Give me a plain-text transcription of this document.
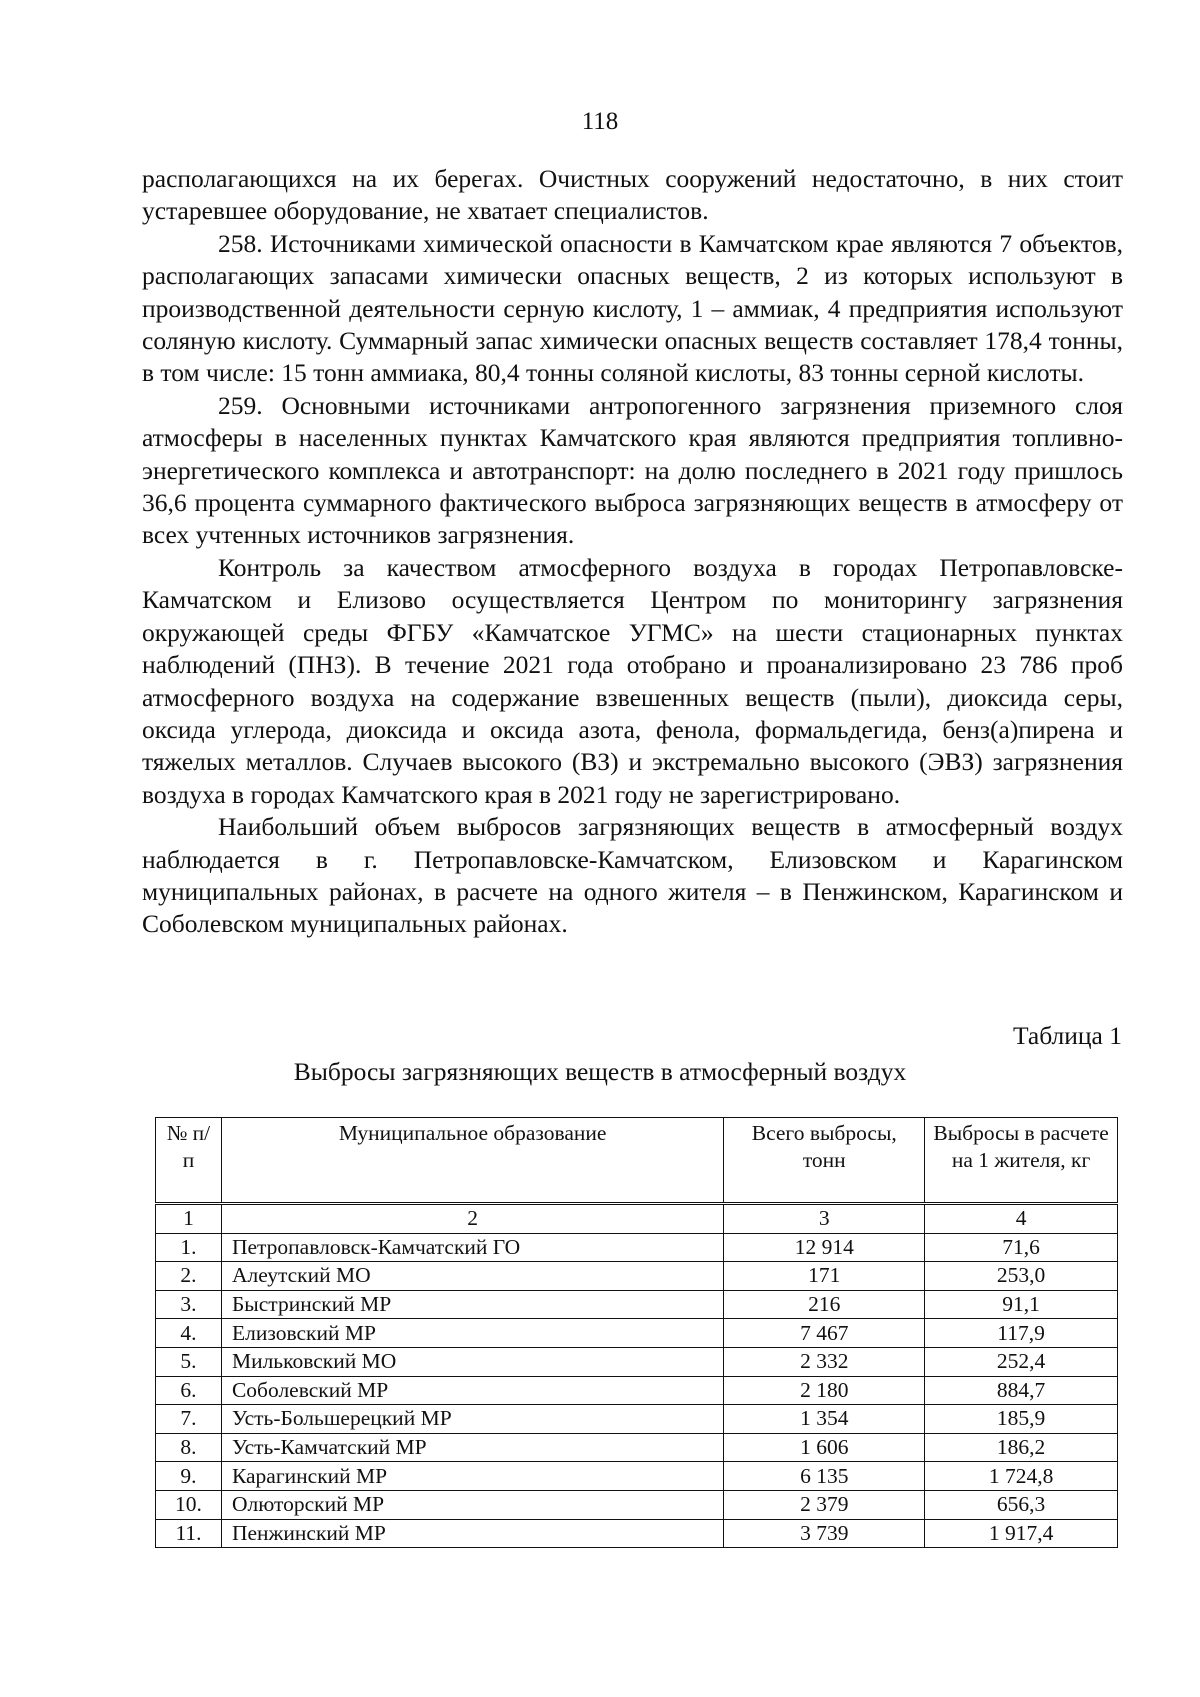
118

располагающихся на их берегах. Очистных сооружений недостаточно, в них стоит устаревшее оборудование, не хватает специалистов.

258. Источниками химической опасности в Камчатском крае являются 7 объектов, располагающих запасами химически опасных веществ, 2 из которых используют в производственной деятельности серную кислоту, 1 – аммиак, 4 предприятия используют соляную кислоту. Суммарный запас химически опасных веществ составляет 178,4 тонны, в том числе: 15 тонн аммиака, 80,4 тонны соляной кислоты, 83 тонны серной кислоты.

259. Основными источниками антропогенного загрязнения приземного слоя атмосферы в населенных пунктах Камчатского края являются предприятия топливно-энергетического комплекса и автотранспорт: на долю последнего в 2021 году пришлось 36,6 процента суммарного фактического выброса загрязняющих веществ в атмосферу от всех учтенных источников загрязнения.

Контроль за качеством атмосферного воздуха в городах Петропавловске-Камчатском и Елизово осуществляется Центром по мониторингу загрязнения окружающей среды ФГБУ «Камчатское УГМС» на шести стационарных пунктах наблюдений (ПНЗ). В течение 2021 года отобрано и проанализировано 23 786 проб атмосферного воздуха на содержание взвешенных веществ (пыли), диоксида серы, оксида углерода, диоксида и оксида азота, фенола, формальдегида, бенз(а)пирена и тяжелых металлов. Случаев высокого (ВЗ) и экстремально высокого (ЭВЗ) загрязнения воздуха в городах Камчатского края в 2021 году не зарегистрировано.

Наибольший объем выбросов загрязняющих веществ в атмосферный воздух наблюдается в г. Петропавловске-Камчатском, Елизовском и Карагинском муниципальных районах, в расчете на одного жителя – в Пенжинском, Карагинском и Соболевском муниципальных районах.

Таблица 1
Выбросы загрязняющих веществ в атмосферный воздух
№ п/п	Муниципальное образование	Всего выбросы, тонн	Выбросы в расчете на 1 жителя, кг
1	2	3	4
1.	Петропавловск-Камчатский ГО	12 914	71,6
2.	Алеутский МО	171	253,0
3.	Быстринский МР	216	91,1
4.	Елизовский МР	7 467	117,9
5.	Мильковский МО	2 332	252,4
6.	Соболевский МР	2 180	884,7
7.	Усть-Большерецкий МР	1 354	185,9
8.	Усть-Камчатский МР	1 606	186,2
9.	Карагинский МР	6 135	1 724,8
10.	Олюторский МР	2 379	656,3
11.	Пенжинский МР	3 739	1 917,4
